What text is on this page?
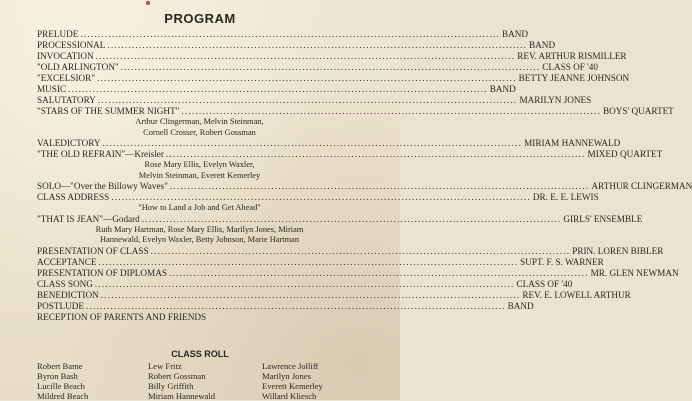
PROGRAM
PRELUDE ........................................................................................................................ BAND
PROCESSIONAL ........................................................................................................................ BAND
INVOCATION ........................................................................................................................ REV. ARTHUR RISMILLER
"OLD ARLINGTON" ........................................................................................................................ CLASS OF '40
"EXCELSIOR" ........................................................................................................................ BETTY JEANNE JOHNSON
MUSIC ........................................................................................................................ BAND
SALUTATORY ........................................................................................................................ MARILYN JONES
"STARS OF THE SUMMER NIGHT" ........................................................................................................................ BOYS' QUARTET
Arthur Clingerman, Melvin Steinman,
Cornell Crosser, Robert Gossman
VALEDICTORY ........................................................................................................................ MIRIAM HANNEWALD
"THE OLD REFRAIN"—Kreisler ........................................................................................................................ MIXED QUARTET
Rose Mary Ellis, Evelyn Waxler,
Melvin Steinman, Everett Kemerley
SOLO—"Over the Billowy Waves" ........................................................................................................................ ARTHUR CLINGERMAN
CLASS ADDRESS ........................................................................................................................ DR. E. E. LEWIS
"How to Land a Job and Get Ahead"
"THAT IS JEAN"—Godard ........................................................................................................................ GIRLS' ENSEMBLE
Ruth Mary Hartman, Rose Mary Ellis, Marilyn Jones, Miriam
Hannewald, Evelyn Waxler, Betty Johnson, Marie Hartman
PRESENTATION OF CLASS ........................................................................................................................ PRIN. LOREN BIBLER
ACCEPTANCE ........................................................................................................................ SUPT. F. S. WARNER
PRESENTATION OF DIPLOMAS ........................................................................................................................ MR. GLEN NEWMAN
CLASS SONG ........................................................................................................................ CLASS OF '40
BENEDICTION ........................................................................................................................ REV. E. LOWELL ARTHUR
POSTLUDE ........................................................................................................................ BAND
RECEPTION OF PARENTS AND FRIENDS
CLASS ROLL
Robert Bame
Byron Bash
Lucille Beach
Mildred Beach
Lew Fritz
Robert Gossman
Billy Griffith
Miriam Hannewald
Lawrence Jolliff
Marilyn Jones
Everett Kemerley
Willard Kliesch
